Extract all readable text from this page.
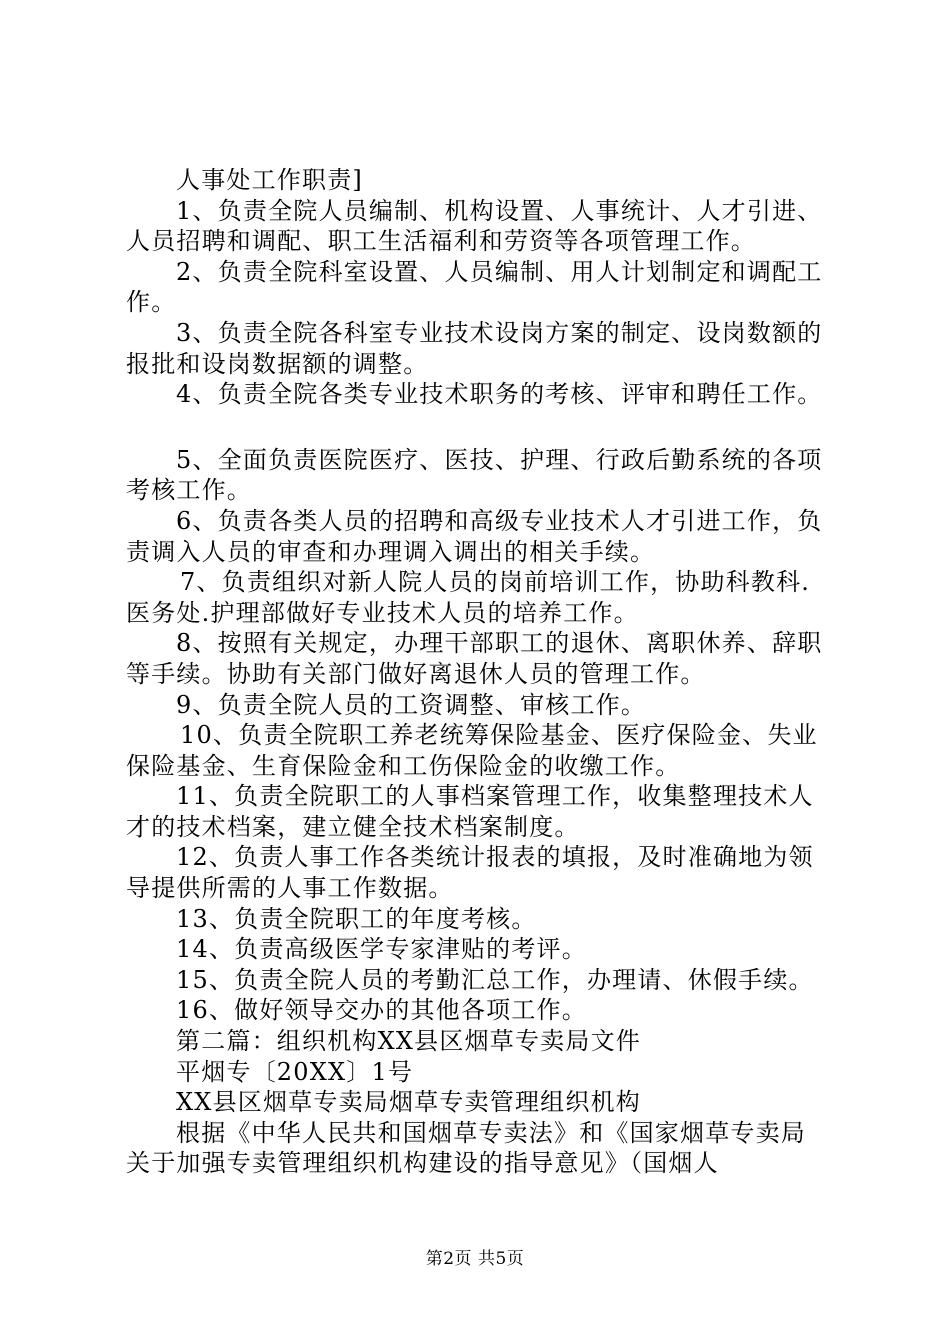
人事处工作职责]
1、负责全院人员编制、机构设置、人事统计、人才引进、
人员招聘和调配、职工生活福利和劳资等各项管理工作。
2、负责全院科室设置、人员编制、用人计划制定和调配工
作。
3、负责全院各科室专业技术设岗方案的制定、设岗数额的
报批和设岗数据额的调整。
4、负责全院各类专业技术职务的考核、评审和聘任工作。
5、全面负责医院医疗、医技、护理、行政后勤系统的各项
考核工作。
6、负责各类人员的招聘和高级专业技术人才引进工作，负
责调入人员的审查和办理调入调出的相关手续。
7、负责组织对新人院人员的岗前培训工作，协助科教科.
医务处.护理部做好专业技术人员的培养工作。
8、按照有关规定，办理干部职工的退休、离职休养、辞职
等手续。协助有关部门做好离退休人员的管理工作。
9、负责全院人员的工资调整、审核工作。
10、负责全院职工养老统筹保险基金、医疗保险金、失业
保险基金、生育保险金和工伤保险金的收缴工作。
11、负责全院职工的人事档案管理工作，收集整理技术人
才的技术档案，建立健全技术档案制度。
12、负责人事工作各类统计报表的填报，及时准确地为领
导提供所需的人事工作数据。
13、负责全院职工的年度考核。
14、负责高级医学专家津贴的考评。
15、负责全院人员的考勤汇总工作，办理请、休假手续。
16、做好领导交办的其他各项工作。
第二篇：组织机构XX县区烟草专卖局文件
平烟专〔20XX〕1号
XX县区烟草专卖局烟草专卖管理组织机构
根据《中华人民共和国烟草专卖法》和《国家烟草专卖局
关于加强专卖管理组织机构建设的指导意见》（国烟人
第2页 共5页
